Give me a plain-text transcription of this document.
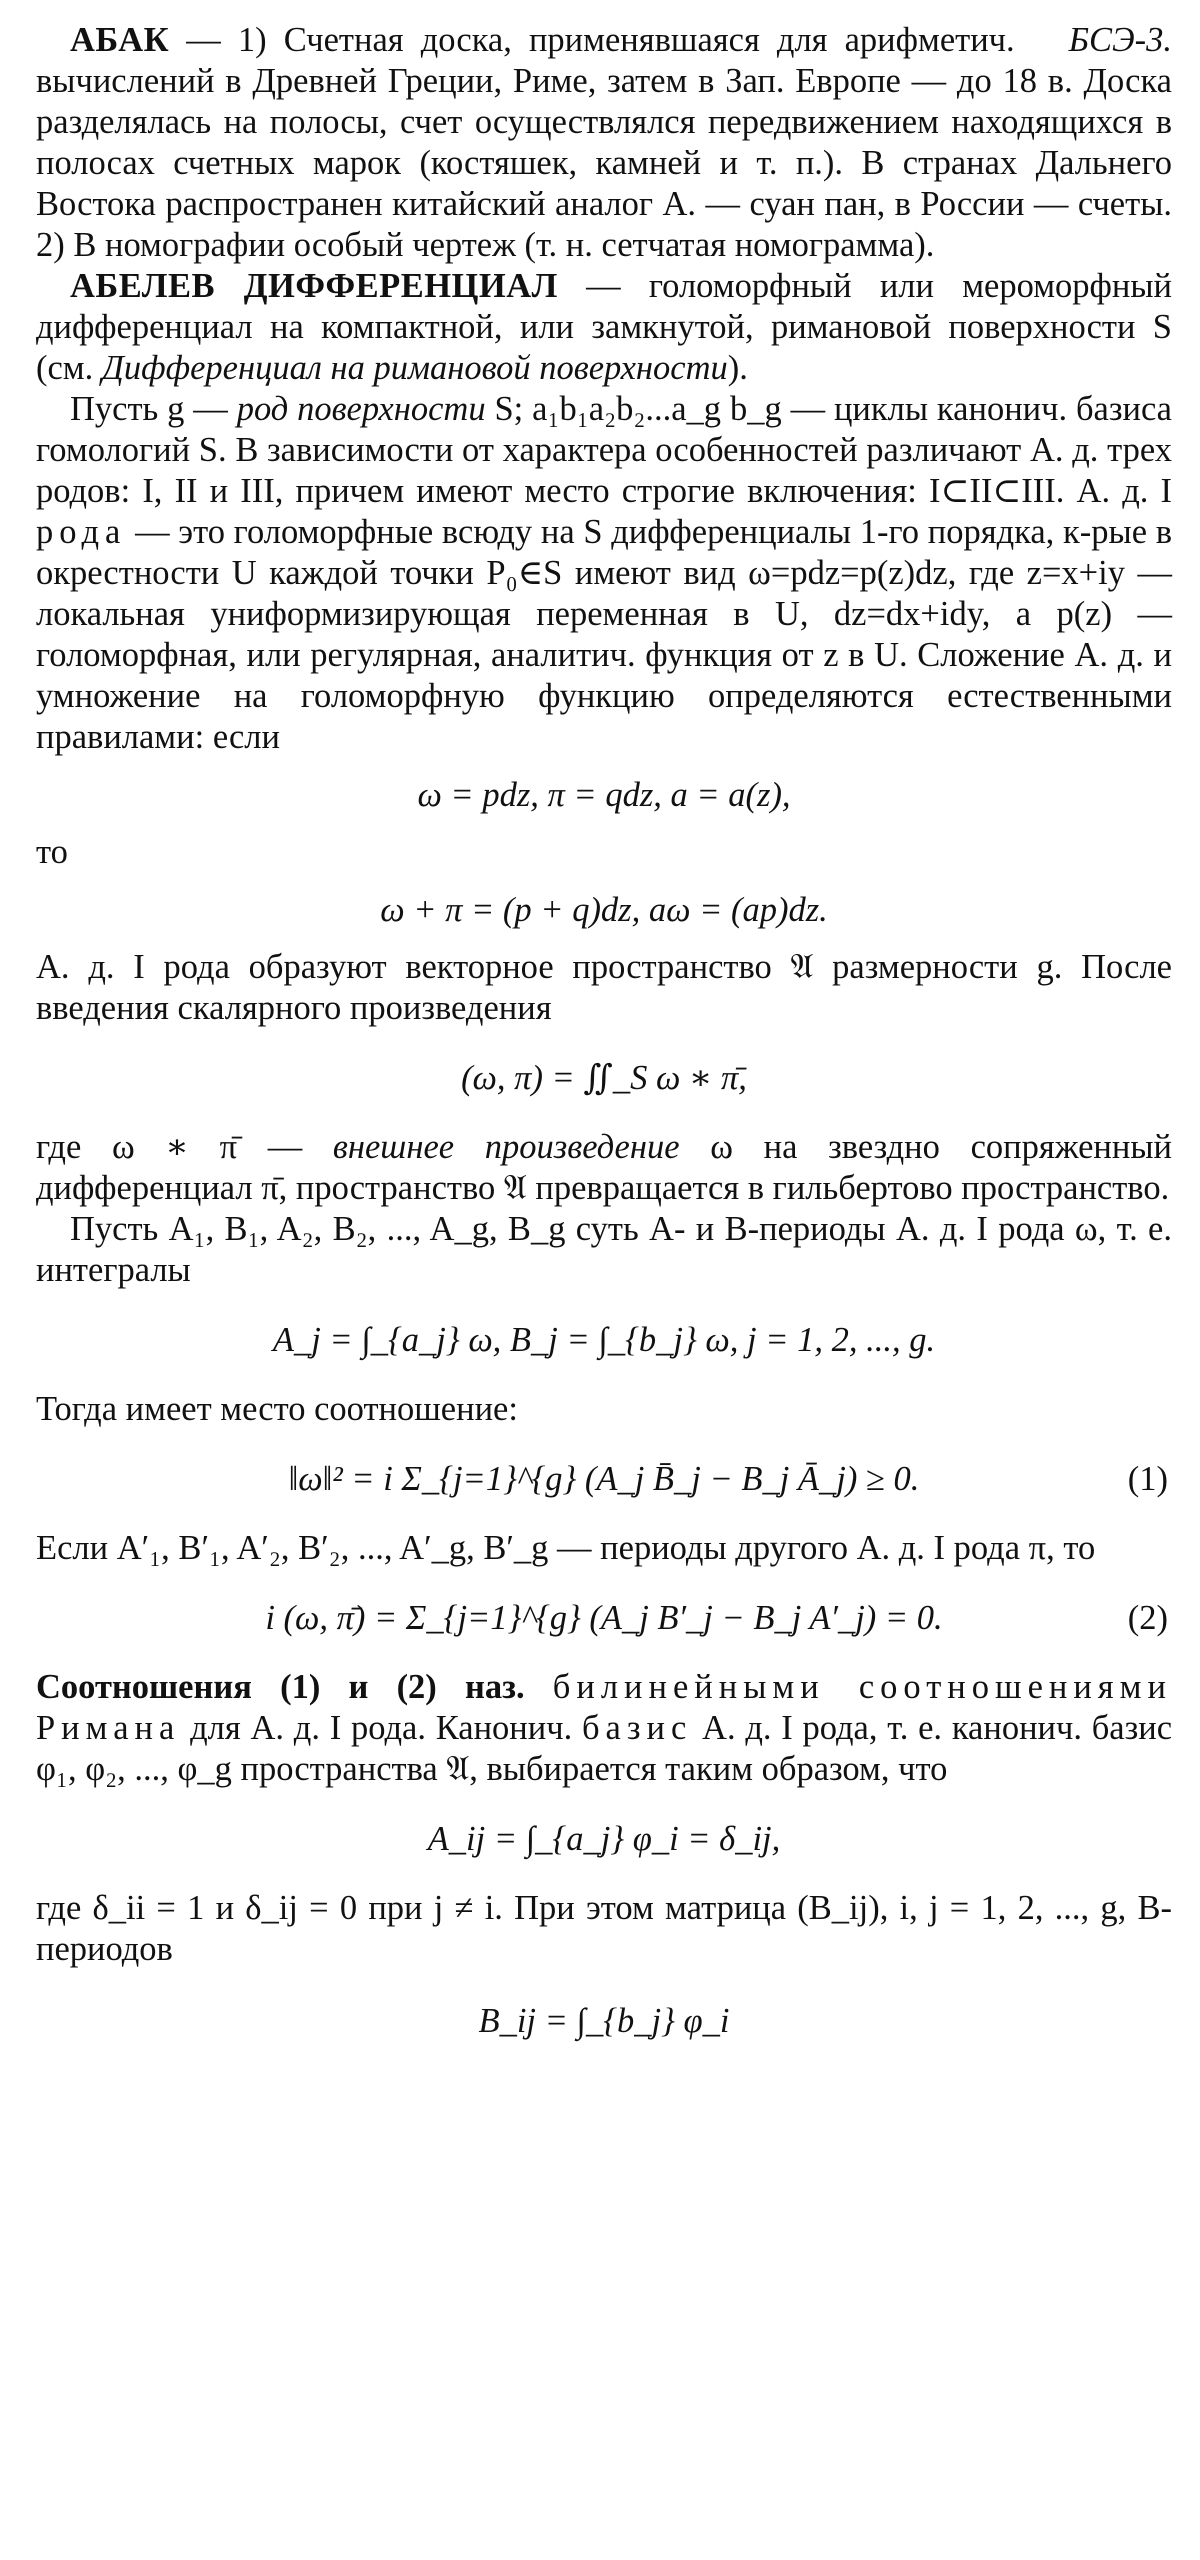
БСЭ-3.
АБАК — 1) Счетная доска, применявшаяся для арифметич. вычислений в Древней Греции, Риме, затем в Зап. Европе — до 18 в. Доска разделялась на полосы, счет осуществлялся передвижением находящихся в полосах счетных марок (костяшек, камней и т. п.). В странах Дальнего Востока распространен китайский аналог А. — суан пан, в России — счеты. 2) В номографии особый чертеж (т. н. сетчатая номограмма).

АБЕЛЕВ ДИФФЕРЕНЦИАЛ — голоморфный или мероморфный дифференциал на компактной, или замкнутой, римановой поверхности S (см. Дифференциал на римановой поверхности).

Пусть g — род поверхности S; a₁b₁a₂b₂...a_g b_g — циклы канонич. базиса гомологий S. В зависимости от характера особенностей различают А. д. трех родов: I, II и III, причем имеют место строгие включения: I⊂II⊂III. А. д. I рода — это голоморфные всюду на S дифференциалы 1-го порядка, к-рые в окрестности U каждой точки P₀∈S имеют вид ω=pdz=p(z)dz, где z=x+iy — локальная униформизирующая переменная в U, dz=dx+idy, а p(z) — голоморфная, или регулярная, аналитич. функция от z в U. Сложение А. д. и умножение на голоморфную функцию определяются естественными правилами: если

ω = pdz, π = qdz, a = a(z),

то

ω + π = (p + q)dz, aω = (ap)dz.

А. д. I рода образуют векторное пространство 𝔄 размерности g. После введения скалярного произведения

(ω, π) = ∬_S ω ∗ π̄,

где ω ∗ π̄ — внешнее произведение ω на звездно сопряженный дифференциал π̄, пространство 𝔄 превращается в гильбертово пространство.

Пусть A₁, B₁, A₂, B₂, ..., A_g, B_g суть A- и B-периоды А. д. I рода ω, т. е. интегралы

A_j = ∫_{a_j} ω, B_j = ∫_{b_j} ω, j = 1, 2, ..., g.

Тогда имеет место соотношение:

‖ω‖² = i Σ_{j=1}^{g} (A_j B̄_j − B_j Ā_j) ≥ 0.	(1)

Если A′₁, B′₁, A′₂, B′₂, ..., A′_g, B′_g — периоды другого А. д. I рода π, то

i (ω, π̄) = Σ_{j=1}^{g} (A_j B′_j − B_j A′_j) = 0.	(2)

Соотношения (1) и (2) наз. билинейными соотношениями Римана для А. д. I рода. Канонич. базис А. д. I рода, т. е. канонич. базис φ₁, φ₂, ..., φ_g пространства 𝔄, выбирается таким образом, что

A_ij = ∫_{a_j} φ_i = δ_ij,

где δ_ii = 1 и δ_ij = 0 при j ≠ i. При этом матрица (B_ij), i, j = 1, 2, ..., g, B-периодов

B_ij = ∫_{b_j} φ_i
